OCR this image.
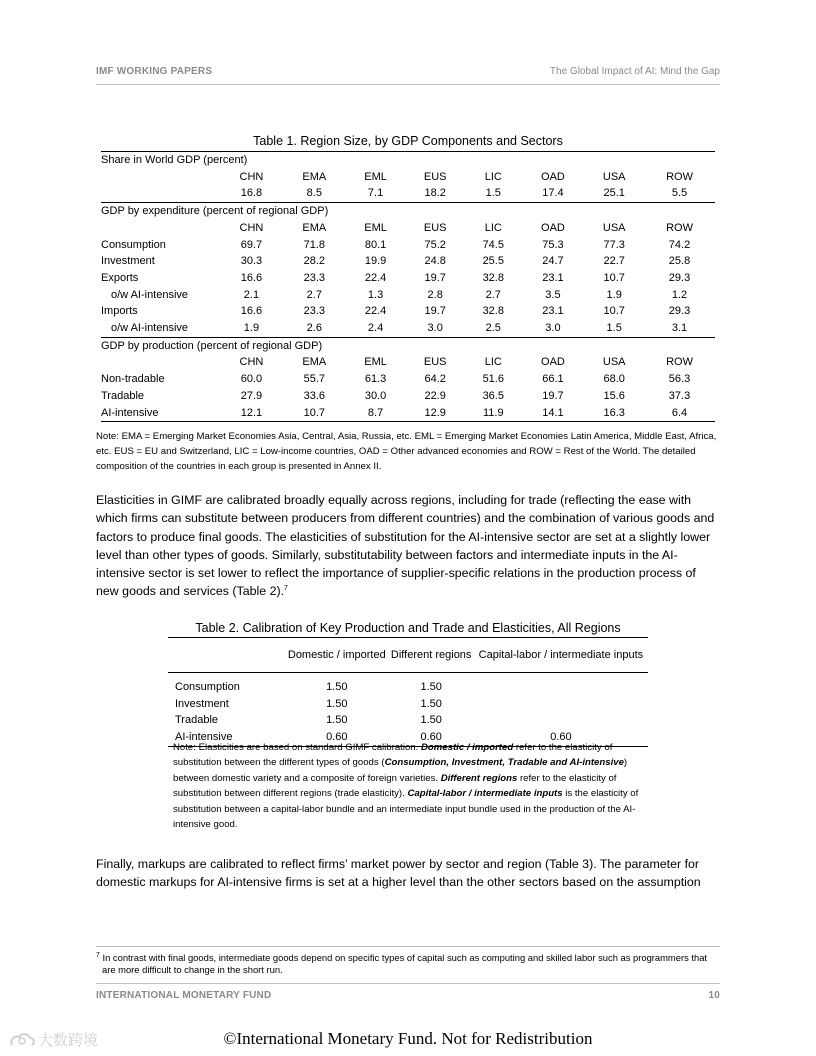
IMF WORKING PAPERS	The Global Impact of AI: Mind the Gap
Table 1. Region Size, by GDP Components and Sectors
Share in World GDP (percent)								
	CHN	EMA	EML	EUS	LIC	OAD	USA	ROW
	16.8	8.5	7.1	18.2	1.5	17.4	25.1	5.5
GDP by expenditure (percent of regional GDP)								
	CHN	EMA	EML	EUS	LIC	OAD	USA	ROW
Consumption	69.7	71.8	80.1	75.2	74.5	75.3	77.3	74.2
Investment	30.3	28.2	19.9	24.8	25.5	24.7	22.7	25.8
Exports	16.6	23.3	22.4	19.7	32.8	23.1	10.7	29.3
o/w AI-intensive	2.1	2.7	1.3	2.8	2.7	3.5	1.9	1.2
Imports	16.6	23.3	22.4	19.7	32.8	23.1	10.7	29.3
o/w AI-intensive	1.9	2.6	2.4	3.0	2.5	3.0	1.5	3.1
GDP by production (percent of regional GDP)								
	CHN	EMA	EML	EUS	LIC	OAD	USA	ROW
Non-tradable	60.0	55.7	61.3	64.2	51.6	66.1	68.0	56.3
Tradable	27.9	33.6	30.0	22.9	36.5	19.7	15.6	37.3
AI-intensive	12.1	10.7	8.7	12.9	11.9	14.1	16.3	6.4
Note: EMA = Emerging Market Economies Asia, Central, Asia, Russia, etc. EML = Emerging Market Economies Latin America, Middle East, Africa, etc. EUS = EU and Switzerland, LIC = Low-income countries, OAD = Other advanced economies and ROW = Rest of the World. The detailed composition of the countries in each group is presented in Annex II.
Elasticities in GIMF are calibrated broadly equally across regions, including for trade (reflecting the ease with which firms can substitute between producers from different countries) and the combination of various goods and factors to produce final goods. The elasticities of substitution for the AI-intensive sector are set at a slightly lower level than other types of goods. Similarly, substitutability between factors and intermediate inputs in the AI-intensive sector is set lower to reflect the importance of supplier-specific relations in the production process of new goods and services (Table 2).$^7$
Table 2. Calibration of Key Production and Trade and Elasticities, All Regions
	Domestic / imported	Different regions	Capital-labor / intermediate inputs

Consumption	1.50	1.50	
Investment	1.50	1.50	
Tradable	1.50	1.50	
AI-intensive	0.60	0.60	0.60
Note: Elasticities are based on standard GIMF calibration. Domestic / imported refer to the elasticity of substitution between the different types of goods (Consumption, Investment, Tradable and AI-intensive) between domestic variety and a composite of foreign varieties. Different regions refer to the elasticity of substitution between different regions (trade elasticity). Capital-labor / intermediate inputs is the elasticity of substitution between a capital-labor bundle and an intermediate input bundle used in the production of the AI-intensive good.
Finally, markups are calibrated to reflect firms’ market power by sector and region (Table 3). The parameter for domestic markups for AI-intensive firms is set at a higher level than the other sectors based on the assumption
$^7$ In contrast with final goods, intermediate goods depend on specific types of capital such as computing and skilled labor such as programmers that are more difficult to change in the short run.
INTERNATIONAL MONETARY FUND	10
大数跨境	©International Monetary Fund. Not for Redistribution
